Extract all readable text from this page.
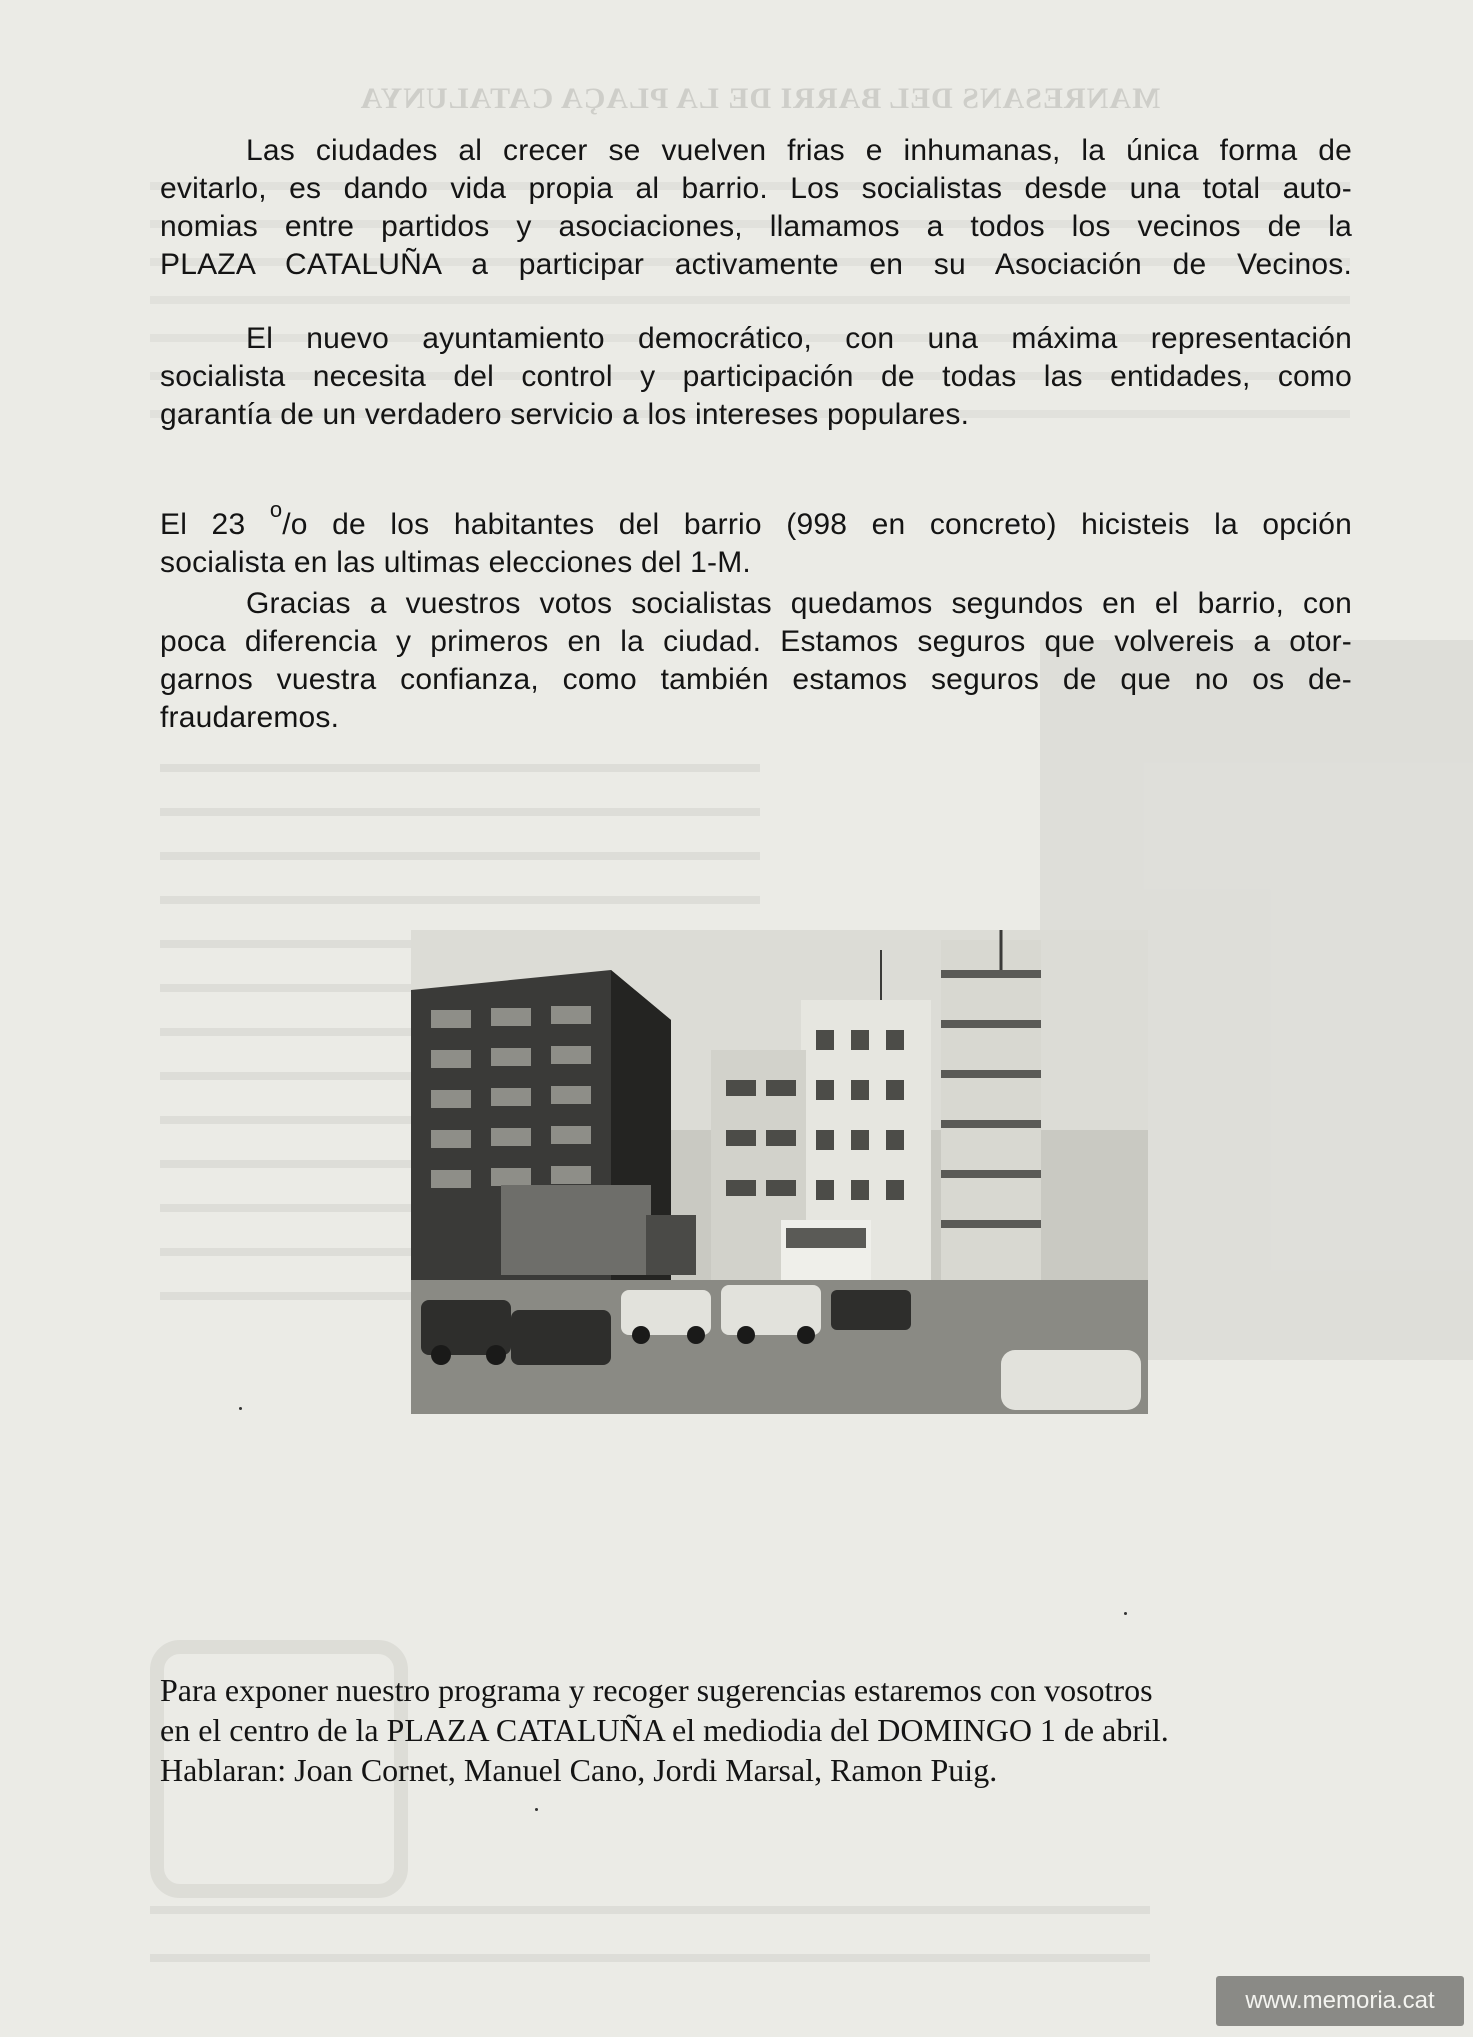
MANRESANS DEL BARRI DE LA PLAÇA CATALUNYA
Las ciudades al crecer se vuelven frias e inhumanas, la única forma de
evitarlo, es dando vida propia al barrio. Los socialistas desde una total auto-
nomias entre partidos y asociaciones, llamamos a todos los vecinos de la
PLAZA CATALUÑA a participar activamente en su Asociación de Vecinos.
El nuevo ayuntamiento democrático, con una máxima representación
socialista necesita del control y participación de todas las entidades, como
garantía de un verdadero servicio a los intereses populares.
El 23 $^o$/o de los habitantes del barrio (998 en concreto) hicisteis la opción
socialista en las ultimas elecciones del 1-M.
Gracias a vuestros votos socialistas quedamos segundos en el barrio, con
poca diferencia y primeros en la ciudad. Estamos seguros que volvereis a otor-
garnos vuestra confianza, como también estamos seguros de que no os de-
fraudaremos.
Para exponer nuestro programa y recoger sugerencias estaremos con vosotros
en el centro de la PLAZA CATALUÑA el mediodia del DOMINGO 1 de abril.
Hablaran: Joan Cornet, Manuel Cano, Jordi Marsal, Ramon Puig.
www.memoria.cat
